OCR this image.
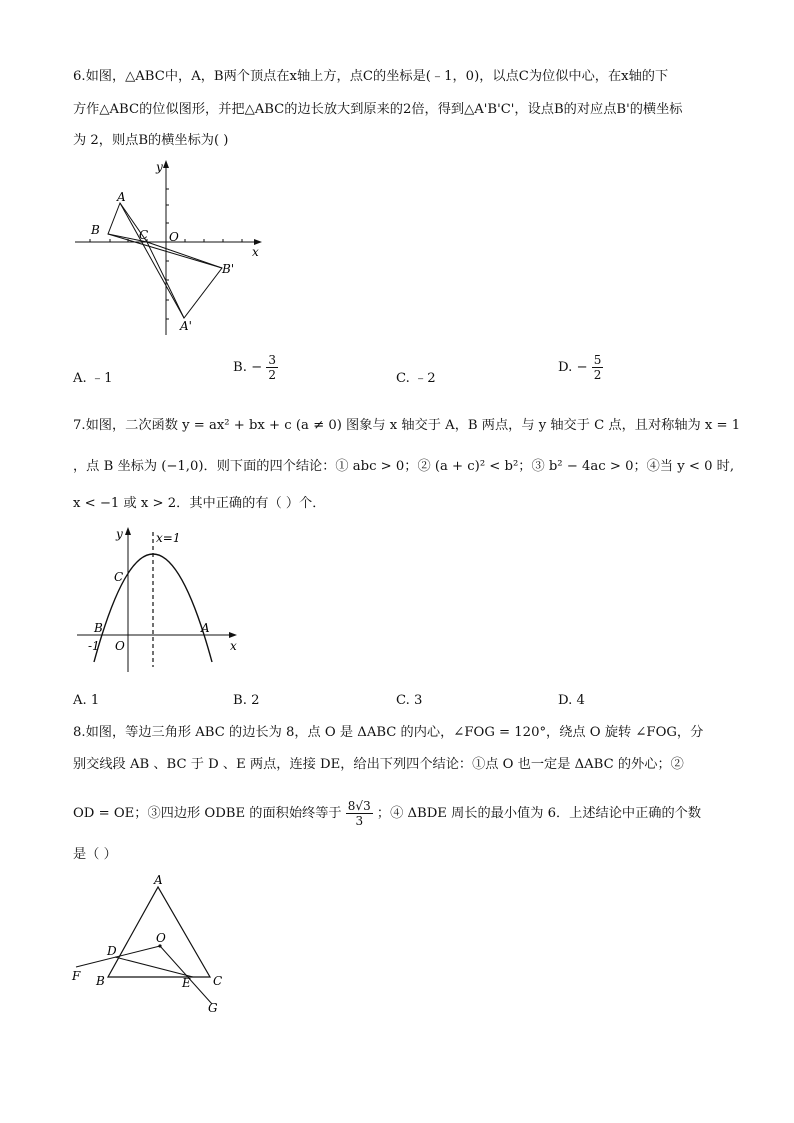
6.如图，△ABC中，A，B两个顶点在x轴上方，点C的坐标是(﹣1，0)，以点C为位似中心，在x轴的下
方作△ABC的位似图形，并把△ABC的边长放大到原来的2倍，得到△A'B'C'，设点B的对应点B'的横坐标
为 2，则点B的横坐标为( )
y
x
A
B	C O
B'
A'
A. ﹣1
B. − $\frac{3}{2}$	C. ﹣2
D. − $\frac{5}{2}$
7.如图，二次函数 y = ax² + bx + c (a ≠ 0) 图象与 x 轴交于 A，B 两点，与 y 轴交于 C 点，且对称轴为 x = 1
，点 B 坐标为 (−1,0)．则下面的四个结论：① abc > 0；② (a + c)² < b²；③ b² − 4ac > 0；④当 y < 0 时,
x < −1 或 x > 2．其中正确的有（ ）个．
y	x=1
C
B	A
-1 O	x
A. 1	B. 2	C. 3	D. 4
8.如图，等边三角形 ABC 的边长为 8，点 O 是 ΔABC 的内心，∠FOG = 120°，绕点 O 旋转 ∠FOG，分
别交线段 AB 、BC 于 D 、E 两点，连接 DE，给出下列四个结论：①点 O 也一定是 ΔABC 的外心；②
OD = OE；③四边形 ODBE 的面积始终等于 $\frac{8√3}{3}$ ；④ ΔBDE 周长的最小值为 6．上述结论中正确的个数
是（ ）
A
O
D
F B	E C
G
